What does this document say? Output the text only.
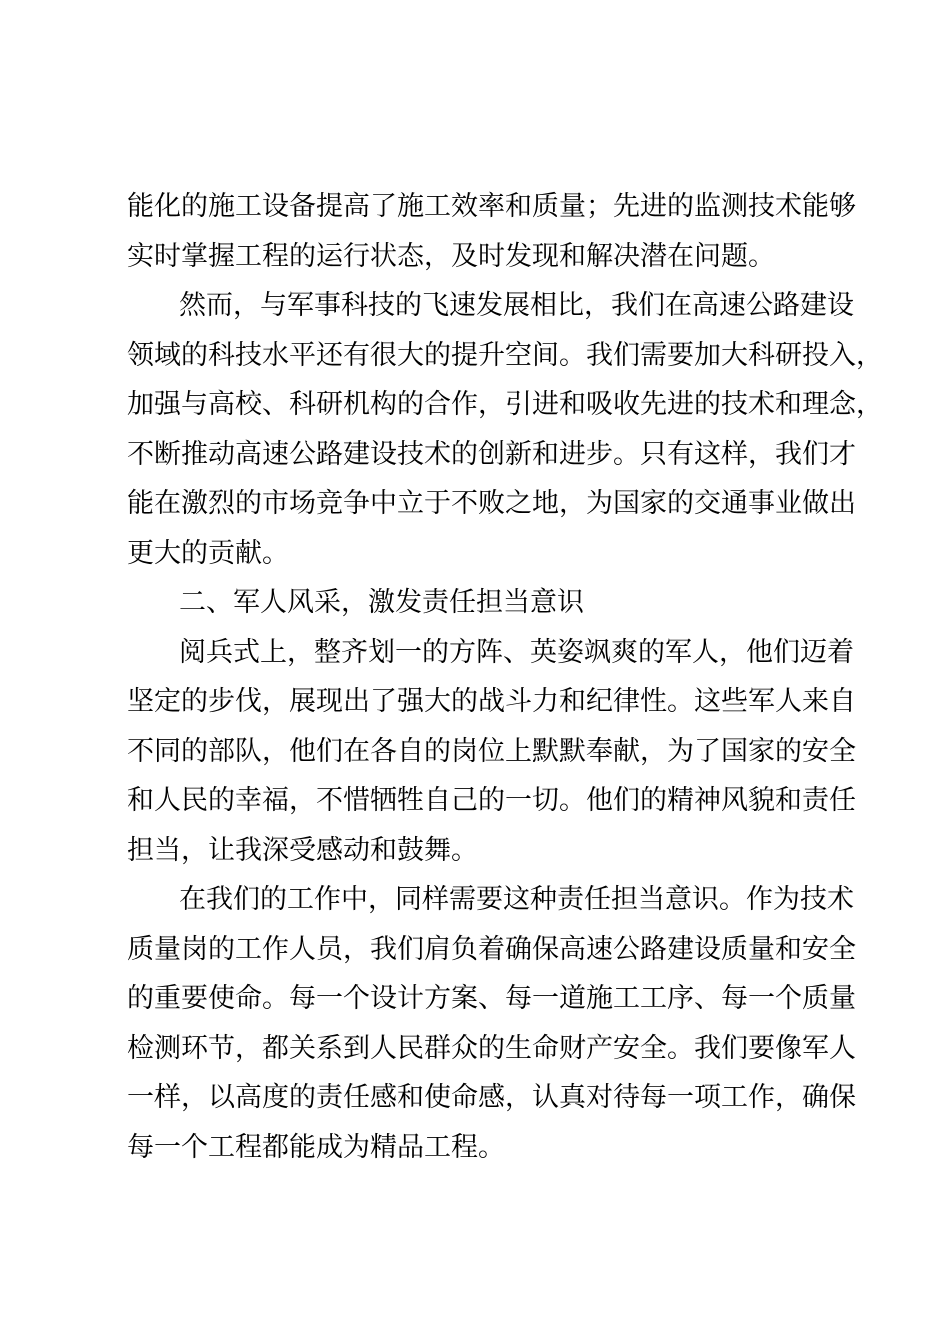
能化的施工设备提高了施工效率和质量；先进的监测技术能够
实时掌握工程的运行状态，及时发现和解决潜在问题。
然而，与军事科技的飞速发展相比，我们在高速公路建设
领域的科技水平还有很大的提升空间。我们需要加大科研投入，
加强与高校、科研机构的合作，引进和吸收先进的技术和理念，
不断推动高速公路建设技术的创新和进步。只有这样，我们才
能在激烈的市场竞争中立于不败之地，为国家的交通事业做出
更大的贡献。
二、军人风采，激发责任担当意识
阅兵式上，整齐划一的方阵、英姿飒爽的军人，他们迈着
坚定的步伐，展现出了强大的战斗力和纪律性。这些军人来自
不同的部队，他们在各自的岗位上默默奉献，为了国家的安全
和人民的幸福，不惜牺牲自己的一切。他们的精神风貌和责任
担当，让我深受感动和鼓舞。
在我们的工作中，同样需要这种责任担当意识。作为技术
质量岗的工作人员，我们肩负着确保高速公路建设质量和安全
的重要使命。每一个设计方案、每一道施工工序、每一个质量
检测环节，都关系到人民群众的生命财产安全。我们要像军人
一样，以高度的责任感和使命感，认真对待每一项工作，确保
每一个工程都能成为精品工程。
